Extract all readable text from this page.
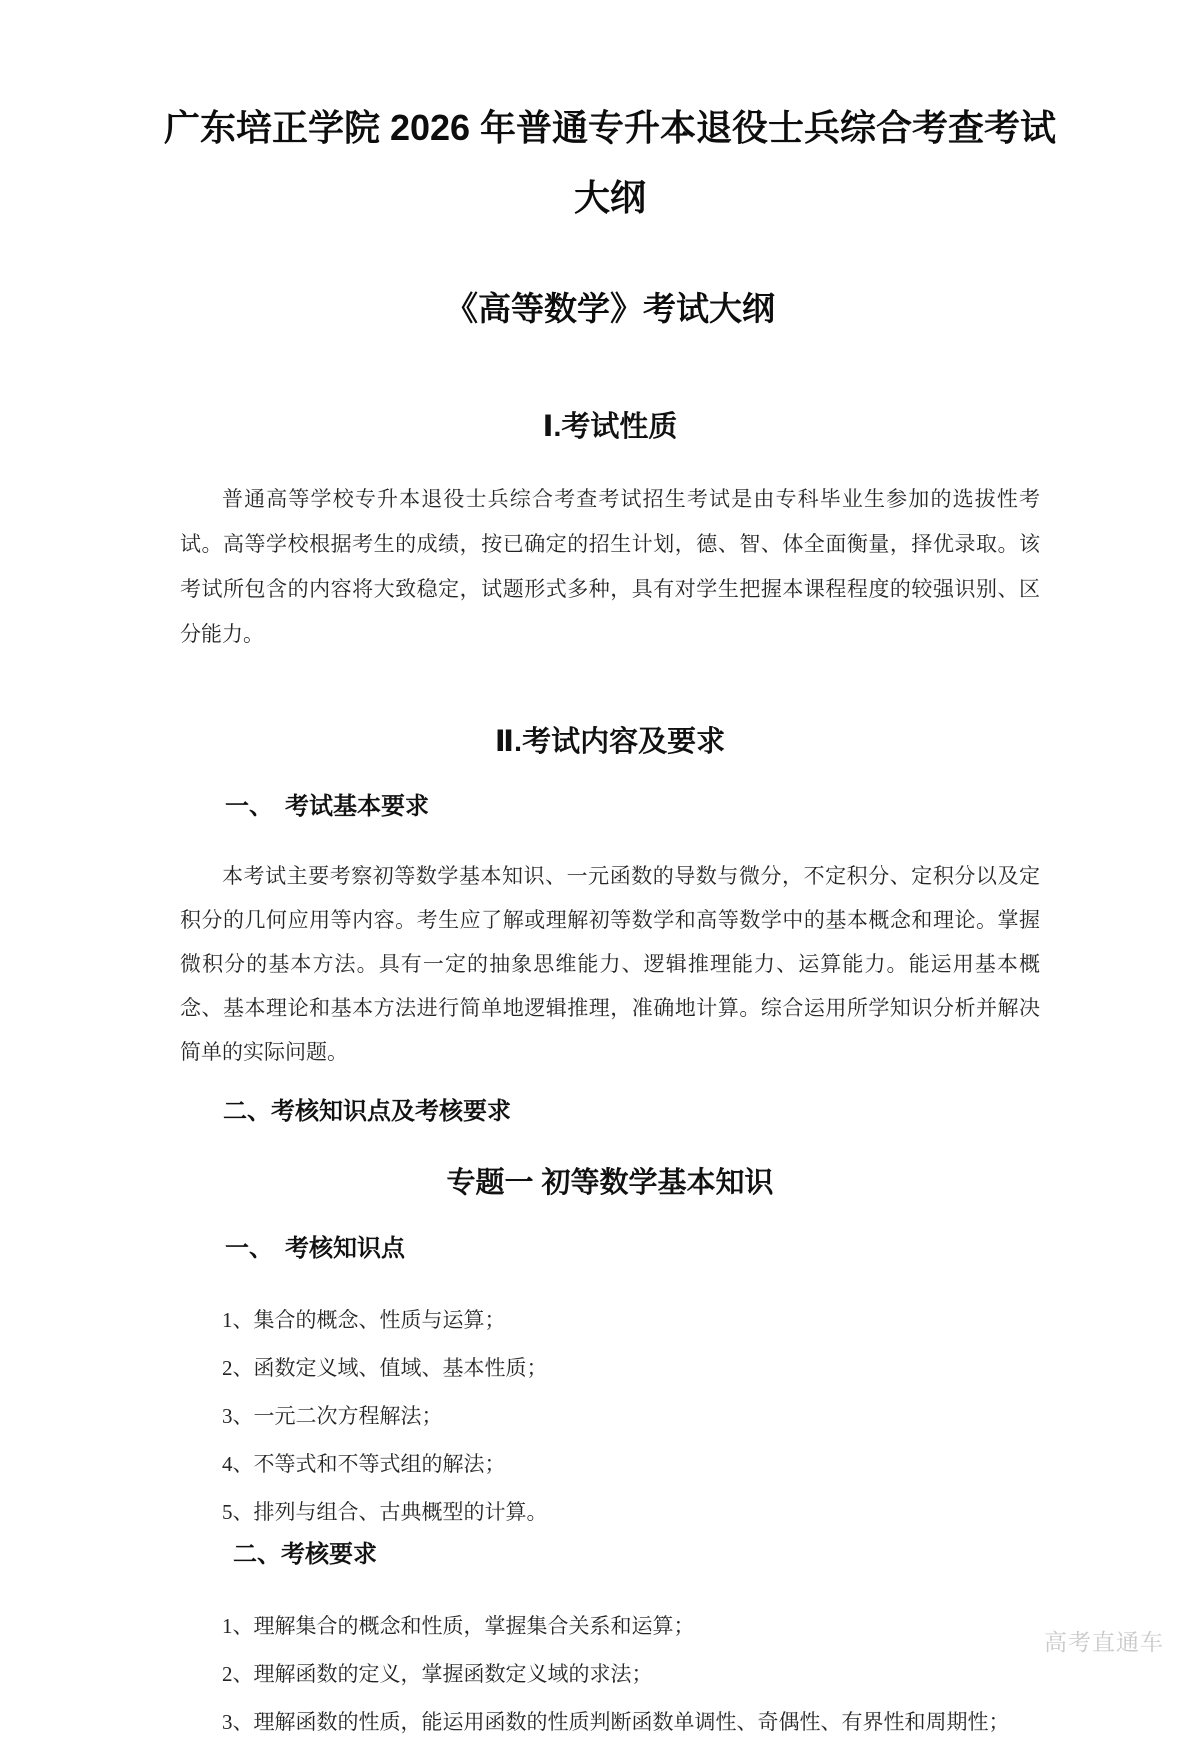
广东培正学院 2026 年普通专升本退役士兵综合考查考试大纲
《高等数学》考试大纲
Ⅰ.考试性质

普通高等学校专升本退役士兵综合考查考试招生考试是由专科毕业生参加的选拔性考试。高等学校根据考生的成绩，按已确定的招生计划，德、智、体全面衡量，择优录取。该考试所包含的内容将大致稳定，试题形式多种，具有对学生把握本课程程度的较强识别、区分能力。

Ⅱ.考试内容及要求
一、　考试基本要求

本考试主要考察初等数学基本知识、一元函数的导数与微分，不定积分、定积分以及定积分的几何应用等内容。考生应了解或理解初等数学和高等数学中的基本概念和理论。掌握微积分的基本方法。具有一定的抽象思维能力、逻辑推理能力、运算能力。能运用基本概念、基本理论和基本方法进行简单地逻辑推理，准确地计算。综合运用所学知识分析并解决简单的实际问题。

二、考核知识点及考核要求
专题一 初等数学基本知识
一、　考核知识点
1、集合的概念、性质与运算；
2、函数定义域、值域、基本性质；
3、一元二次方程解法；
4、不等式和不等式组的解法；
5、排列与组合、古典概型的计算。
二、考核要求
1、理解集合的概念和性质，掌握集合关系和运算；
2、理解函数的定义，掌握函数定义域的求法；
3、理解函数的性质，能运用函数的性质判断函数单调性、奇偶性、有界性和周期性；
高考直通车
